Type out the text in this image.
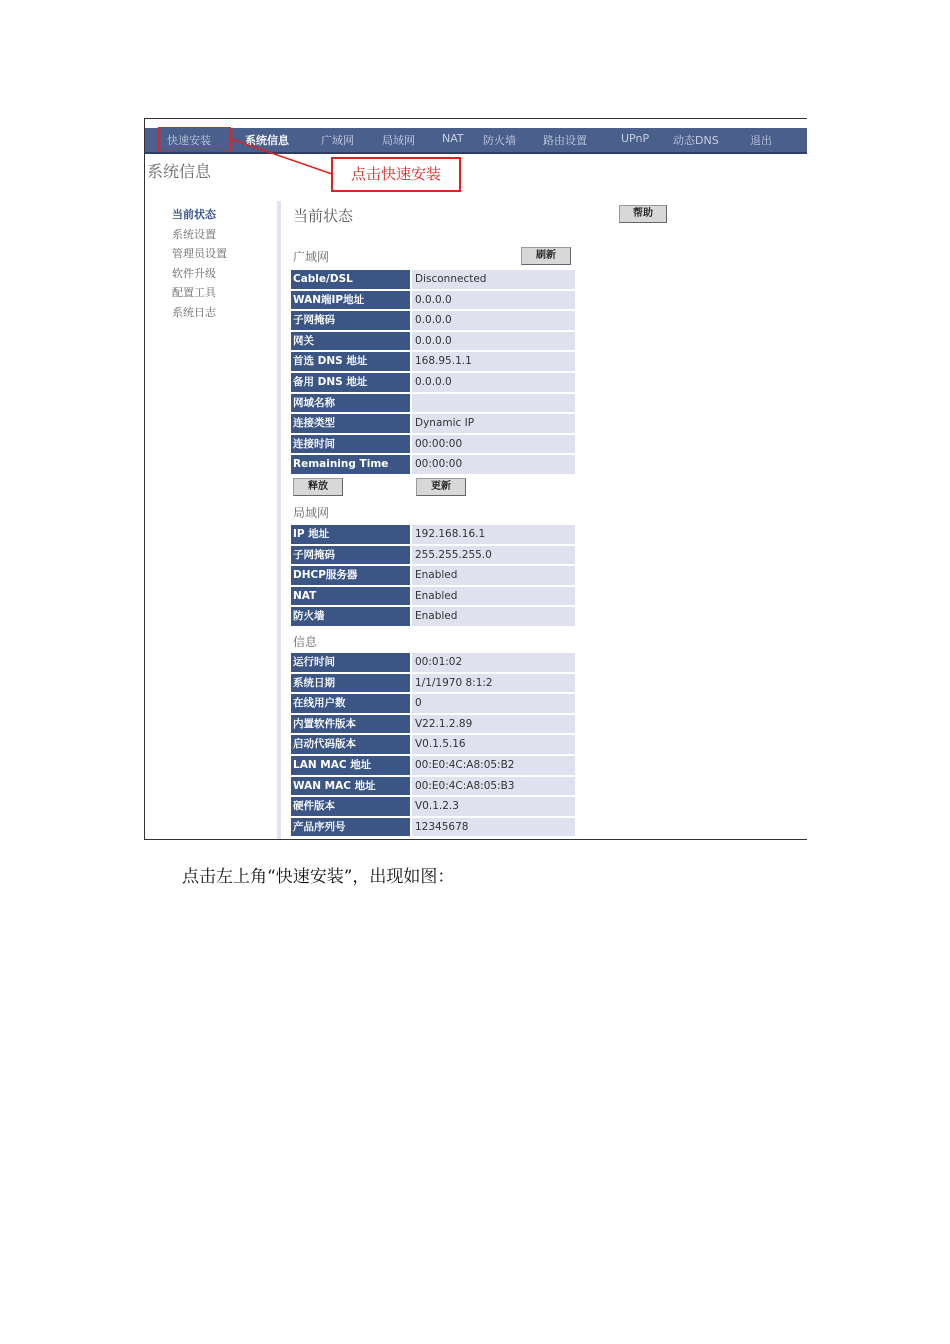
快速安装	系统信息	广域网	局域网 NAT 防火墙 路由设置	UPnP 动态DNS	退出
点击快速安装
系统信息
当前状态
系统设置
管理员设置
软件升级
配置工具
系统日志
当前状态	帮助
广域网	刷新
Cable/DSL	Disconnected
WAN端IP地址	0.0.0.0
子网掩码	0.0.0.0
网关	0.0.0.0
首选 DNS 地址	168.95.1.1
备用 DNS 地址	0.0.0.0
网域名称
连接类型	Dynamic IP
连接时间	00:00:00
Remaining Time	00:00:00
释放	更新
局域网
IP 地址	192.168.16.1
子网掩码	255.255.255.0
DHCP服务器	Enabled
NAT	Enabled
防火墙	Enabled
信息
运行时间	00:01:02
系统日期	1/1/1970 8:1:2
在线用户数	0
内置软件版本	V22.1.2.89
启动代码版本	V0.1.5.16
LAN MAC 地址	00:E0:4C:A8:05:B2
WAN MAC 地址	00:E0:4C:A8:05:B3
硬件版本	V0.1.2.3
产品序列号	12345678
点击左上角“快速安装”，出现如图：
